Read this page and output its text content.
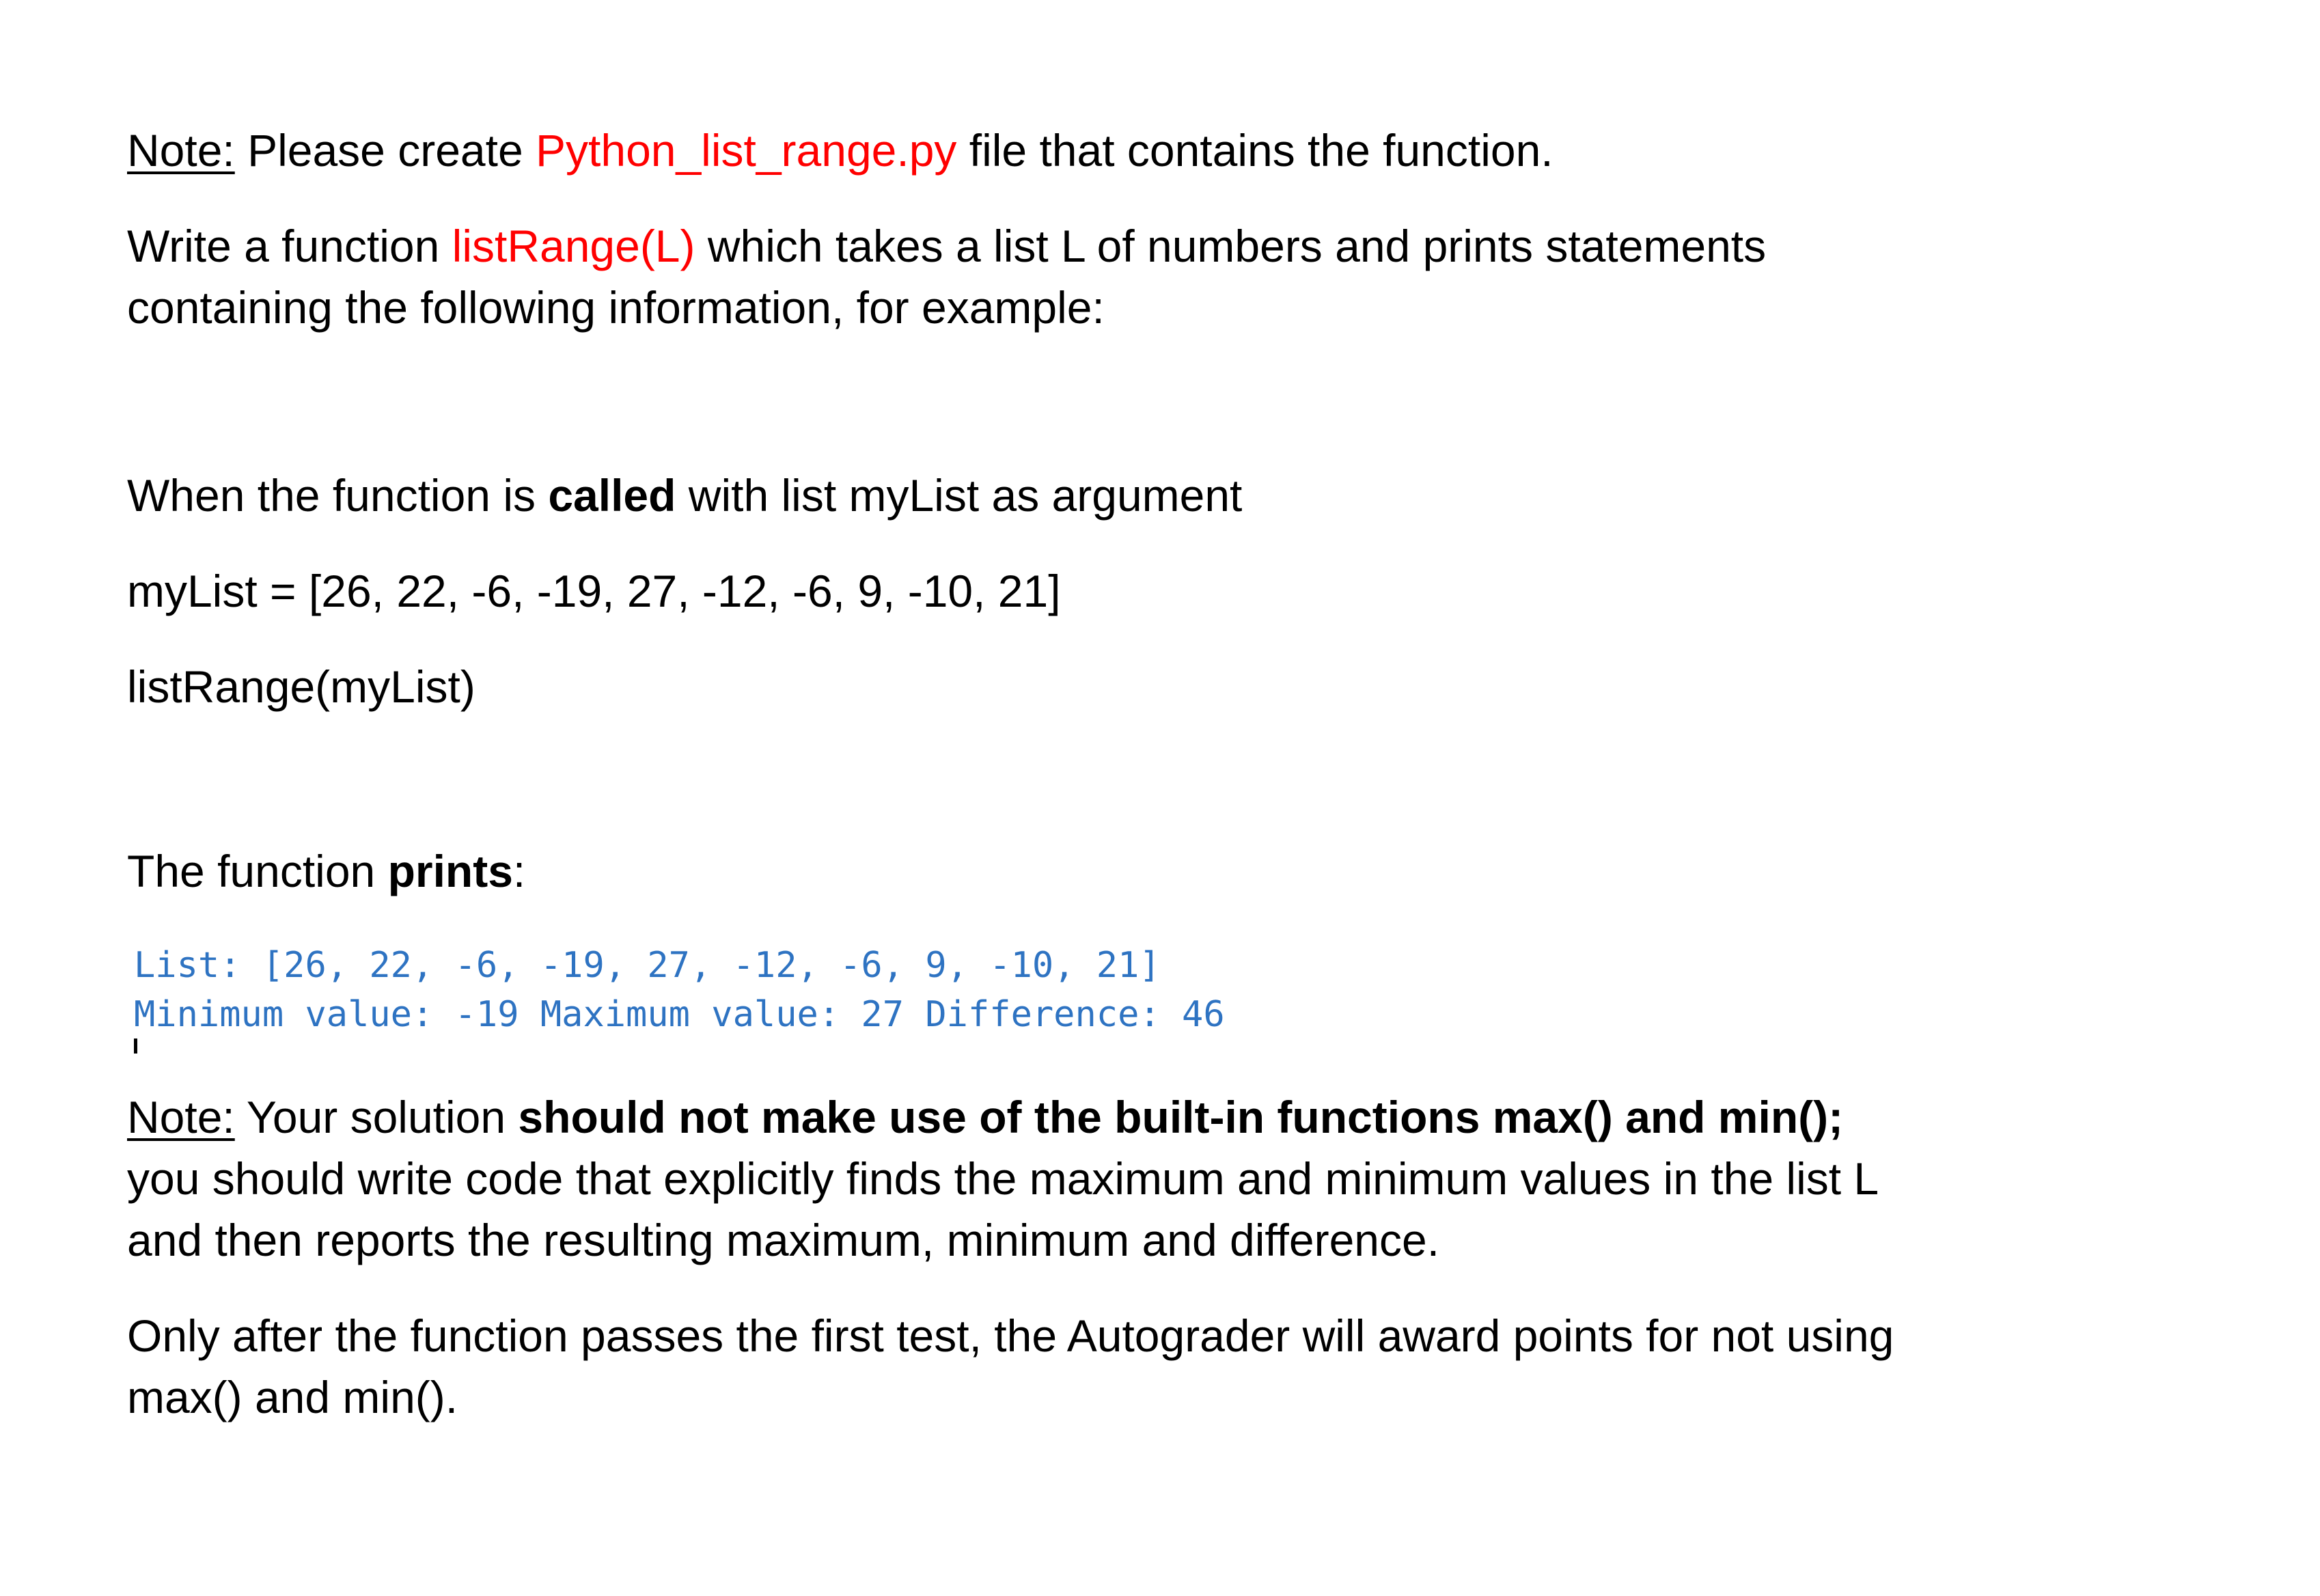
Note: Please create Python_list_range.py file that contains the function.
Write a function listRange(L) which takes a list L of numbers and prints statements
containing the following information, for example:
When the function is called with list myList as argument
myList = [26, 22, -6, -19, 27, -12, -6, 9, -10, 21]
listRange(myList)
The function prints:
List: [26, 22, -6, -19, 27, -12, -6, 9, -10, 21]
Minimum value: -19 Maximum value: 27 Difference: 46
Note: Your solution should not make use of the built-in functions max() and min();
you should write code that explicitly finds the maximum and minimum values in the list L
and then reports the resulting maximum, minimum and difference.
Only after the function passes the first test, the Autograder will award points for not using
max() and min().
